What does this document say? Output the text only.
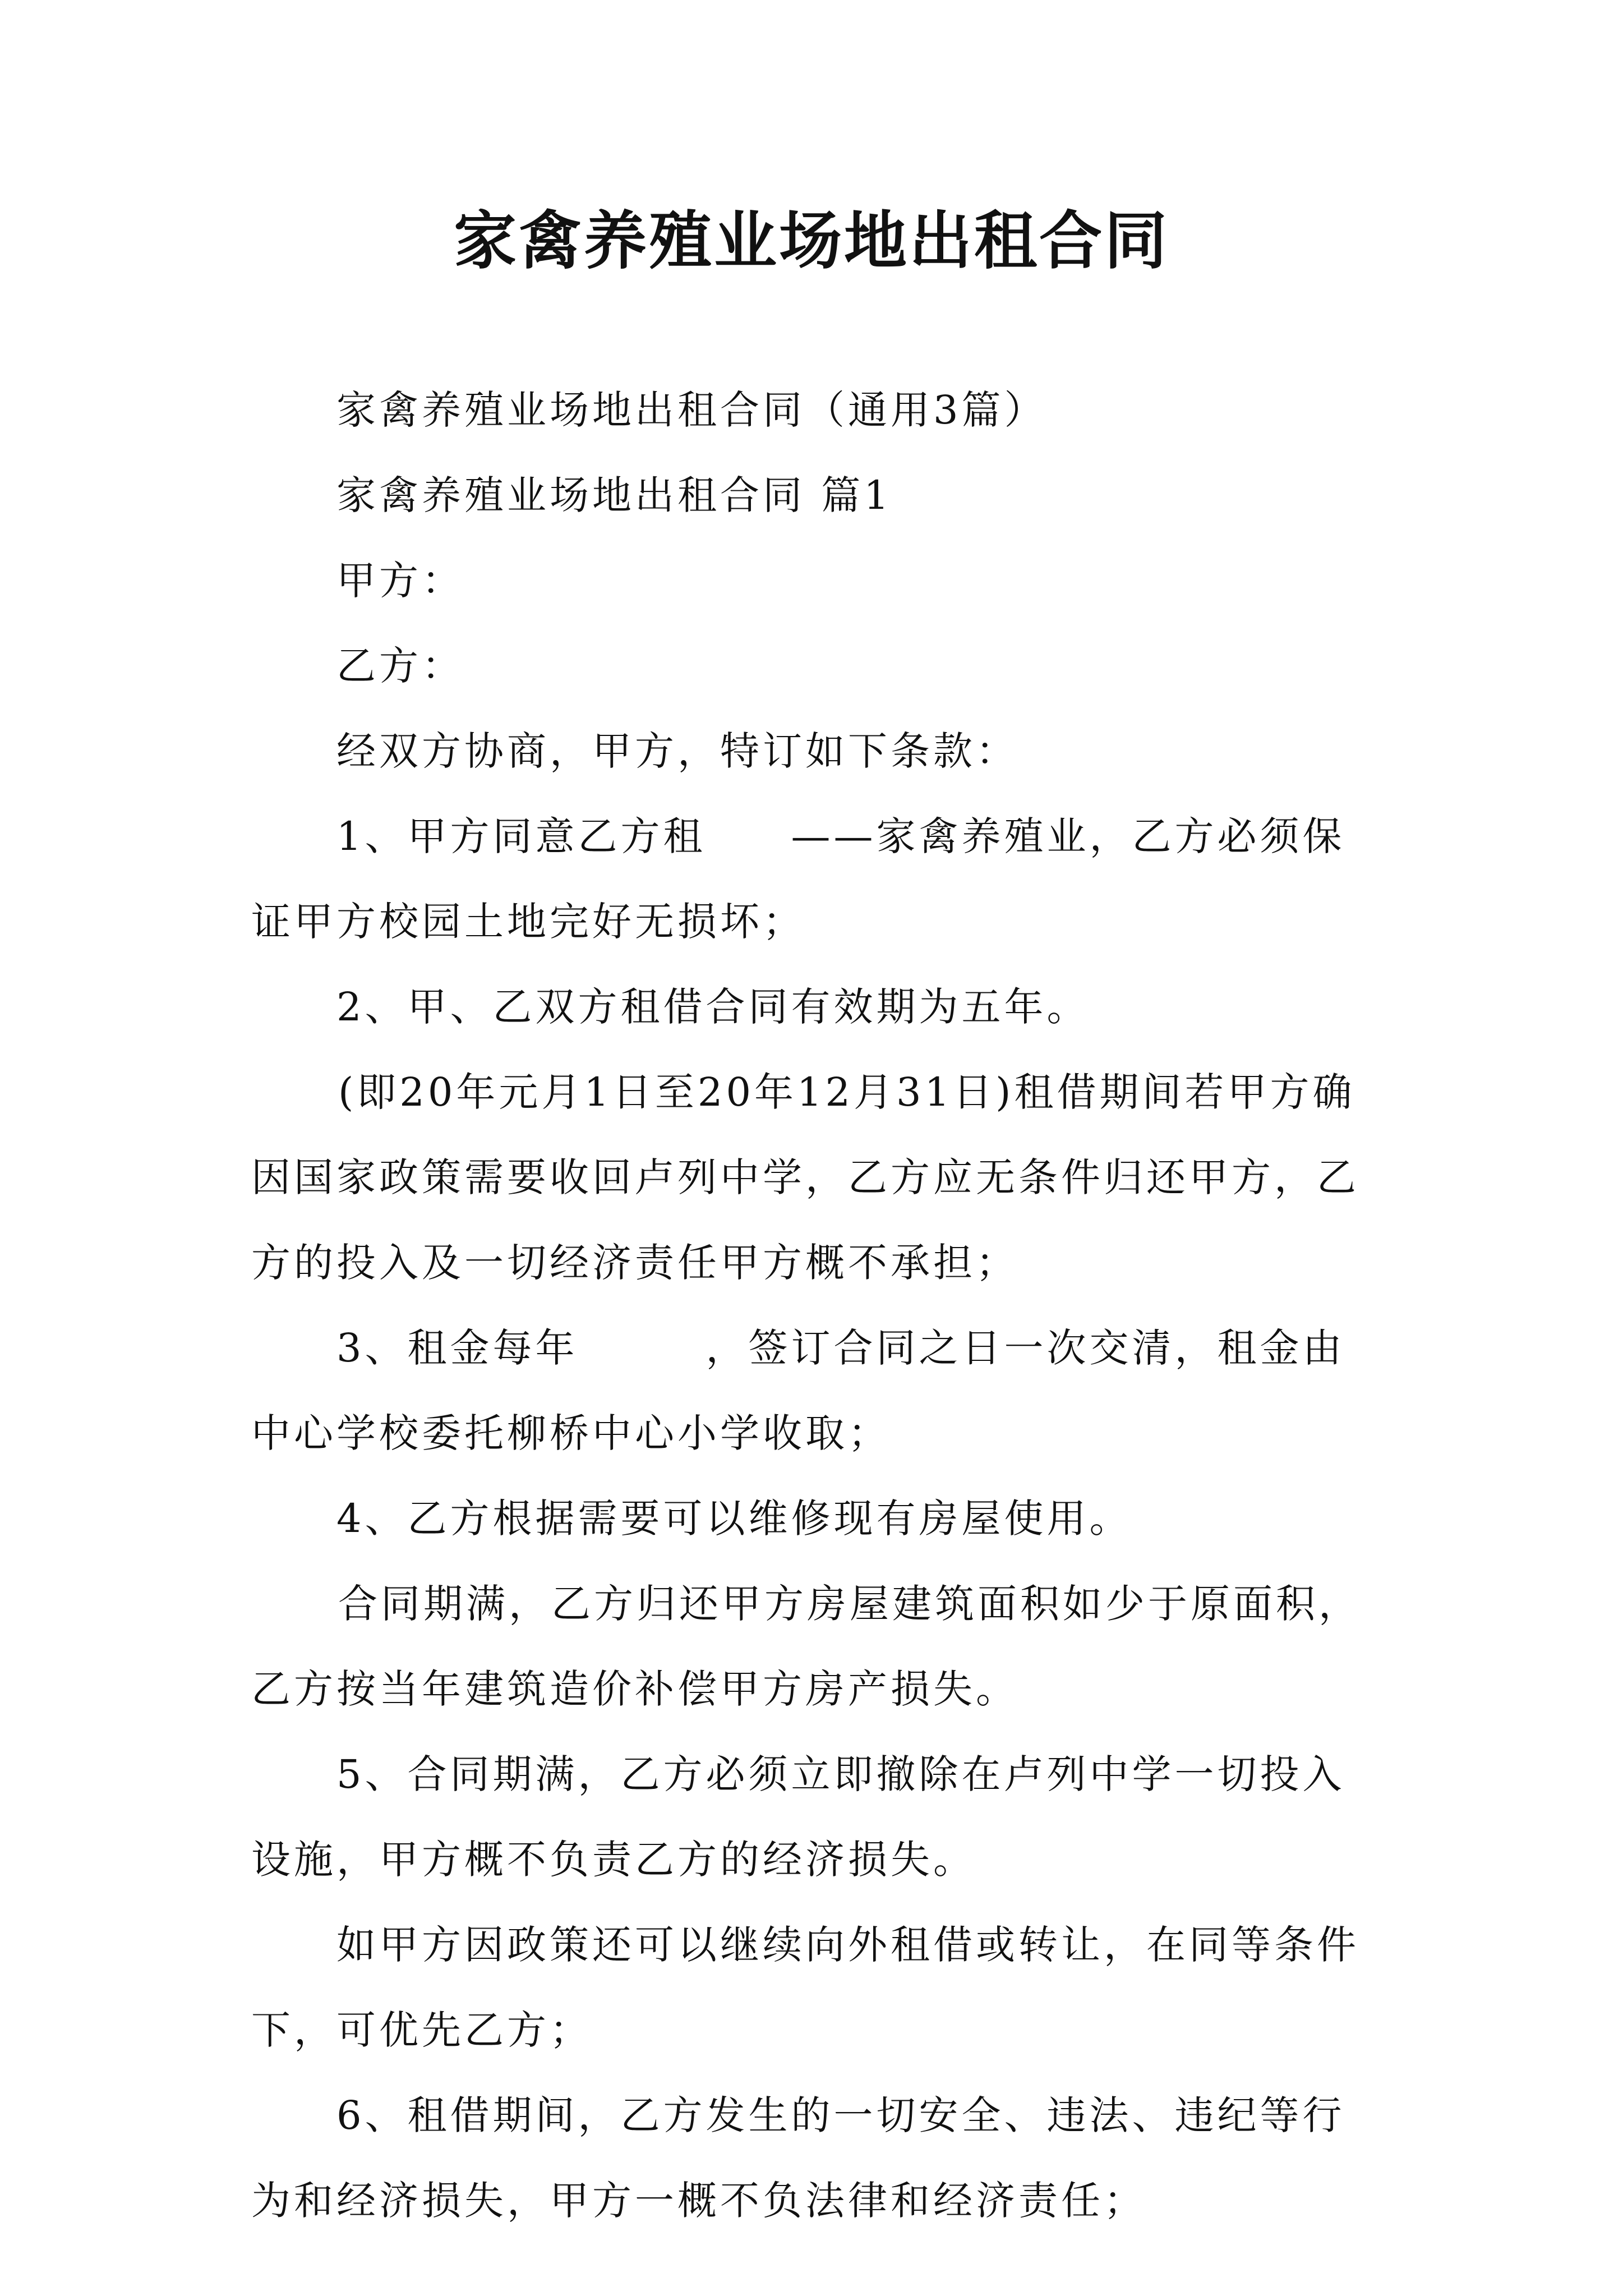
家禽养殖业场地出租合同

家禽养殖业场地出租合同（通用3篇）

家禽养殖业场地出租合同 篇1

甲方：

乙方：

经双方协商，甲方，特订如下条款：

1、甲方同意乙方租　　——家禽养殖业，乙方必须保证甲方校园土地完好无损坏；

2、甲、乙双方租借合同有效期为五年。

(即20年元月1日至20年12月31日)租借期间若甲方确因国家政策需要收回卢列中学，乙方应无条件归还甲方，乙方的投入及一切经济责任甲方概不承担；

3、租金每年　　　，签订合同之日一次交清，租金由中心学校委托柳桥中心小学收取；

4、乙方根据需要可以维修现有房屋使用。

合同期满，乙方归还甲方房屋建筑面积如少于原面积，乙方按当年建筑造价补偿甲方房产损失。

5、合同期满，乙方必须立即撤除在卢列中学一切投入设施，甲方概不负责乙方的经济损失。

如甲方因政策还可以继续向外租借或转让，在同等条件下，可优先乙方；

6、租借期间，乙方发生的一切安全、违法、违纪等行为和经济损失，甲方一概不负法律和经济责任；
